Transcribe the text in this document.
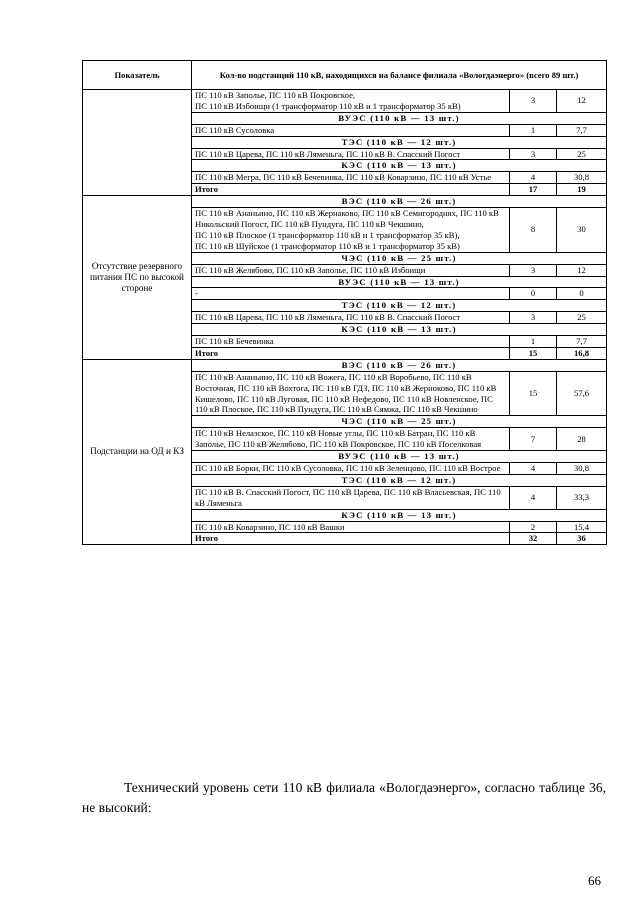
Показатель	Кол-во подстанций 110 кВ, находящихся на балансе филиала «Вологдаэнерго» (всего 89 шт.)		
	ПС 110 кВ Заполье, ПС 110 кВ Покровское,
ПС 110 кВ Избоищи (1 трансформатор 110 кВ и 1 трансформатор 35 кВ)	3	12
	ВУЭС (110 кВ — 13 шт.)		
	ПС 110 кВ Сусоловка	1	7,7
	ТЭС (110 кВ — 12 шт.)		
	ПС 110 кВ Царева, ПС 110 кВ Ляменьга, ПС 110 кВ В. Спасский Погост	3	25
	КЭС (110 кВ — 13 шт.)		
	ПС 110 кВ Мегра, ПС 110 кВ Бечевинка, ПС 110 кВ Коварзино, ПС 110 кВ Устье	4	30,8
	Итого	17	19
Отсутствие резервного питания ПС по высокой стороне	ВЭС (110 кВ — 26 шт.)		
	ПС 110 кВ Ананьино, ПС 110 кВ Жернаково, ПС 110 кВ Семигороднях, ПС 110 кВ Никольский Погост, ПС 110 кВ Пундуга, ПС 110 кВ Чекшино,
ПС 110 кВ Плоское (1 трансформатор 110 кВ и 1 трансформатор 35 кВ),
ПС 110 кВ Шуйское (1 трансформатор 110 кВ и 1 трансформатор 35 кВ)	8	30
	ЧЭС (110 кВ — 25 шт.)		
	ПС 110 кВ Желябово, ПС 110 кВ Заполье, ПС 110 кВ Избоищи	3	12
	ВУЭС (110 кВ — 13 шт.)		
	-	0	0
	ТЭС (110 кВ — 12 шт.)		
	ПС 110 кВ Царева, ПС 110 кВ Ляменьга, ПС 110 кВ В. Спасский Погост	3	25
	КЭС (110 кВ — 13 шт.)		
	ПС 110 кВ Бечевинка	1	7,7
	Итого	15	16,8
Подстанции на ОД и КЗ	ВЭС (110 кВ — 26 шт.)		
	ПС 110 кВ Ананьино, ПС 110 кВ Вожега, ПС 110 кВ Воробьево, ПС 110 кВ Восточная, ПС 110 кВ Вохтога, ПС 110 кВ ГДЗ, ПС 110 кВ Жерноково, ПС 110 кВ Кишелово, ПС 110 кВ Луговая, ПС 110 кВ Нефедово, ПС 110 кВ Новленское, ПС 110 кВ Плоское, ПС 110 кВ Пундуга, ПС 110 кВ Сямжа, ПС 110 кВ Чекшино	15	57,6
	ЧЭС (110 кВ — 25 шт.)		
	ПС 110 кВ Нелазское, ПС 110 кВ Новые углы, ПС 110 кВ Батран, ПС 110 кВ Заполье, ПС 110 кВ Желябово, ПС 110 кВ Покровское, ПС 110 кВ Поселковая	7	28
	ВУЭС (110 кВ — 13 шт.)		
	ПС 110 кВ Борки, ПС 110 кВ Сусоловка, ПС 110 кВ Зеленцово, ПС 110 кВ Вострое	4	30,8
	ТЭС (110 кВ — 12 шт.)		
	ПС 110 кВ В. Спасский Погост, ПС 110 кВ Царева, ПС 110 кВ Власьевская, ПС 110 кВ Ляменьга	4	33,3
	КЭС (110 кВ — 13 шт.)		
	ПС 110 кВ Коварзино, ПС 110 кВ Вашки	2	15,4
	Итого	32	36

Технический уровень сети 110 кВ филиала «Вологдаэнерго», согласно таблице 36, не высокий:

66
